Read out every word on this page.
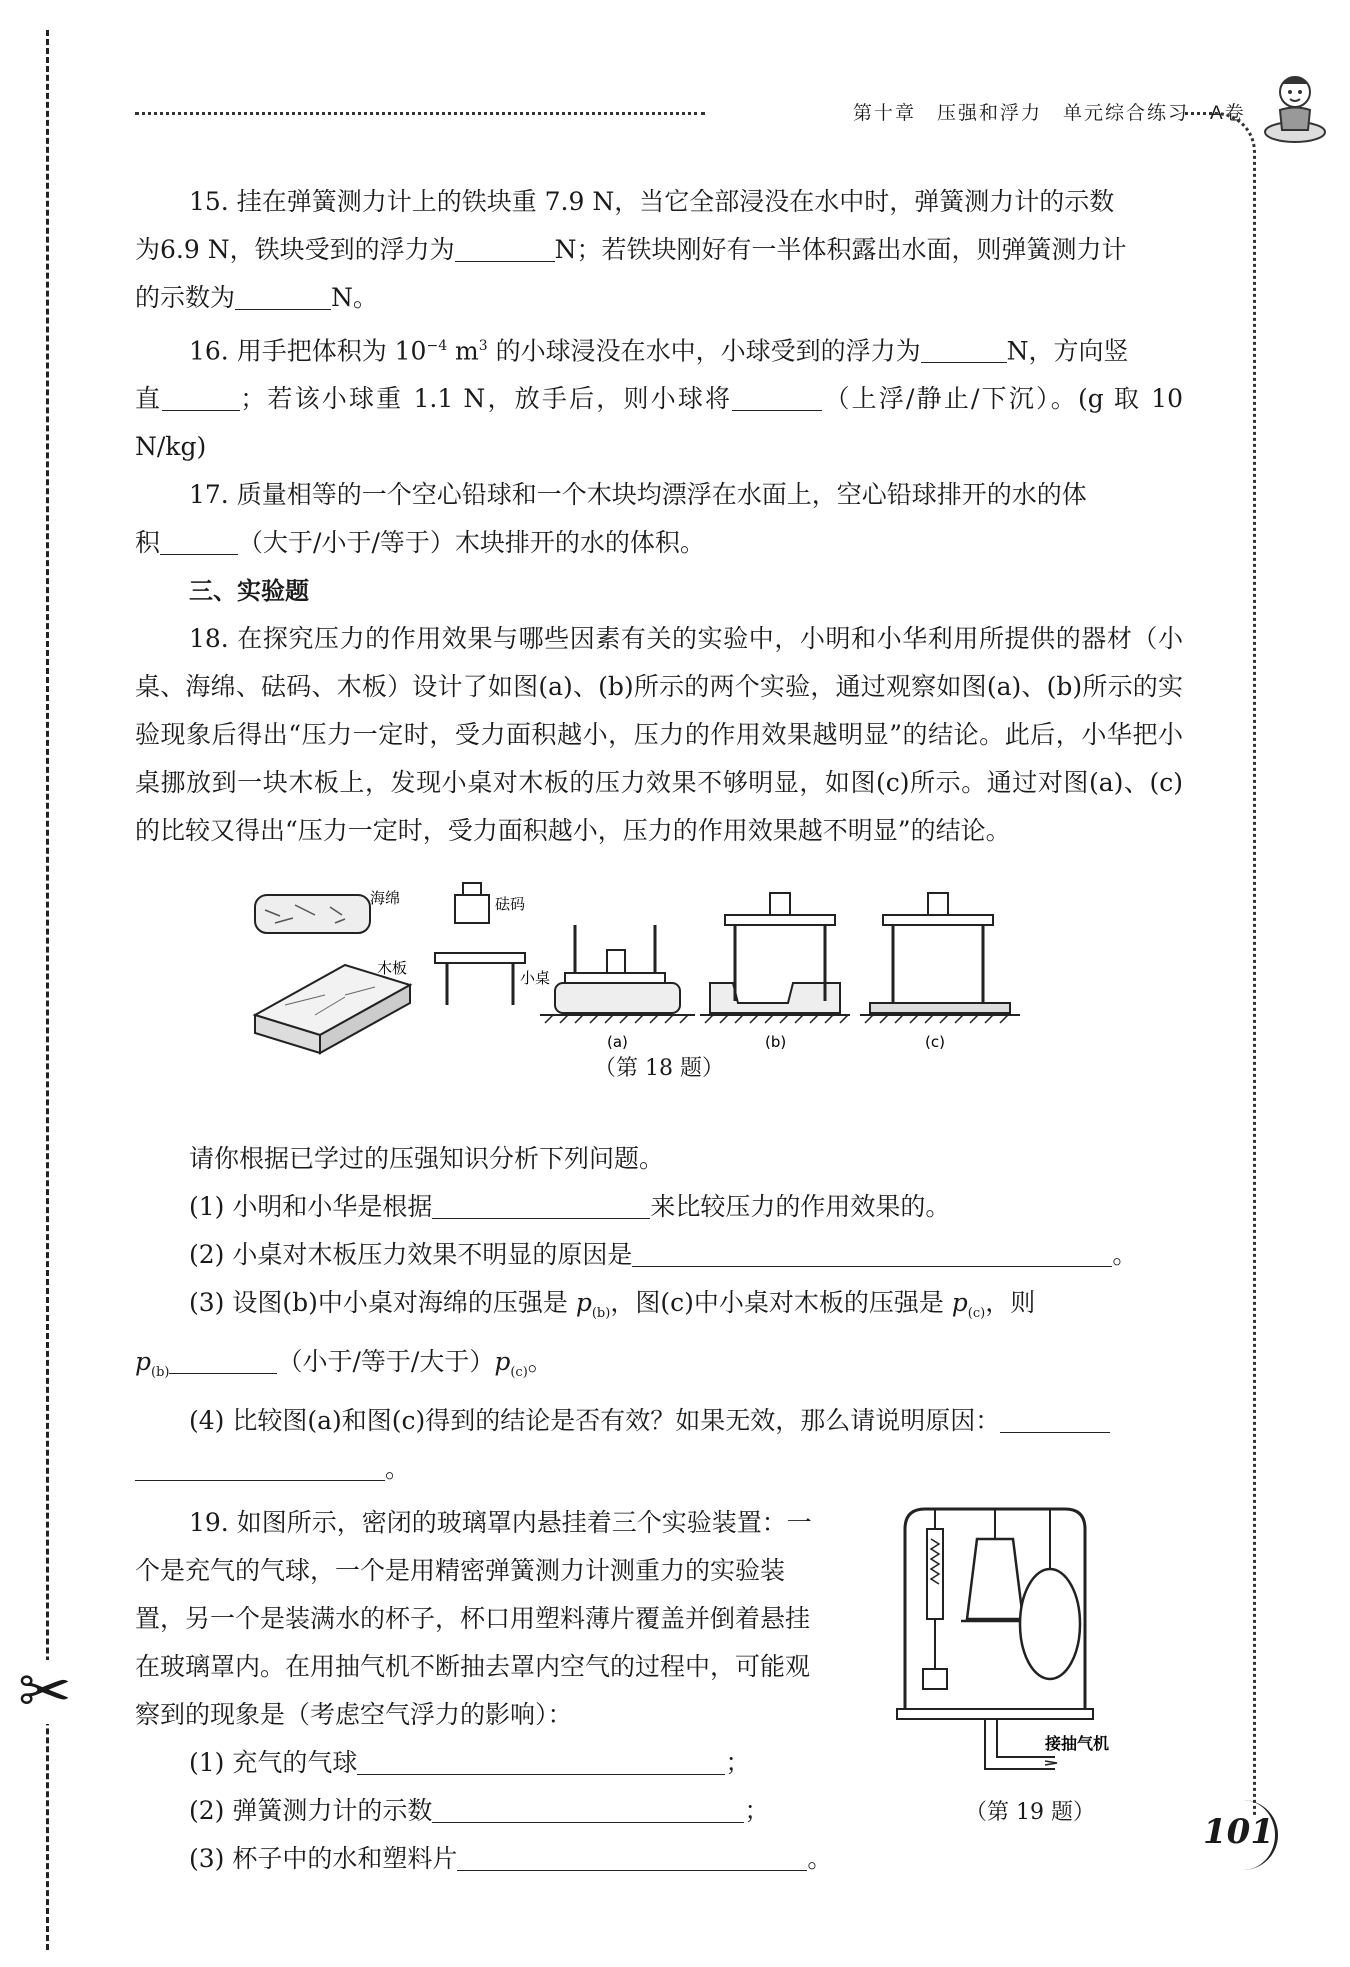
✂
第十章　压强和浮力　单元综合练习　A卷
101

15. 挂在弹簧测力计上的铁块重 7.9 N，当它全部浸没在水中时，弹簧测力计的示数

为6.9 N，铁块受到的浮力为	N；若铁块刚好有一半体积露出水面，则弹簧测力计

的示数为	N。

16. 用手把体积为 $10^{-4}$ $m^3$ 的小球浸没在水中，小球受到的浮力为	N，方向竖

直	；若该小球重 1.1 N，放手后，则小球将	（上浮/静止/下沉）。(g 取 10 N/kg)

17. 质量相等的一个空心铅球和一个木块均漂浮在水面上，空心铅球排开的水的体

积	（大于/小于/等于）木块排开的水的体积。

三、实验题

18. 在探究压力的作用效果与哪些因素有关的实验中，小明和小华利用所提供的器材（小桌、海绵、砝码、木板）设计了如图(a)、(b)所示的两个实验，通过观察如图(a)、(b)所示的实验现象后得出“压力一定时，受力面积越小，压力的作用效果越明显”的结论。此后，小华把小桌挪放到一块木板上，发现小桌对木板的压力效果不够明显，如图(c)所示。通过对图(a)、(c)的比较又得出“压力一定时，受力面积越小，压力的作用效果越不明显”的结论。

海绵	砝码
木板
小桌
(a)	(b)	(c)
（第 18 题）

请你根据已学过的压强知识分析下列问题。

(1) 小明和小华是根据	来比较压力的作用效果的。

(2) 小桌对木板压力效果不明显的原因是	。

(3) 设图(b)中小桌对海绵的压强是 $p_{(b)}$，图(c)中小桌对木板的压强是 $p_{(c)}$，则

$p_{(b)}$	（小于/等于/大于）$p_{(c)}$。

(4) 比较图(a)和图(c)得到的结论是否有效？如果无效，那么请说明原因：

。

19. 如图所示，密闭的玻璃罩内悬挂着三个实验装置：一

个是充气的气球，一个是用精密弹簧测力计测重力的实验装

置，另一个是装满水的杯子，杯口用塑料薄片覆盖并倒着悬挂

在玻璃罩内。在用抽气机不断抽去罩内空气的过程中，可能观

察到的现象是（考虑空气浮力的影响）：

(1) 充气的气球	；

(2) 弹簧测力计的示数	；

(3) 杯子中的水和塑料片	。

接抽气机
（第 19 题）
